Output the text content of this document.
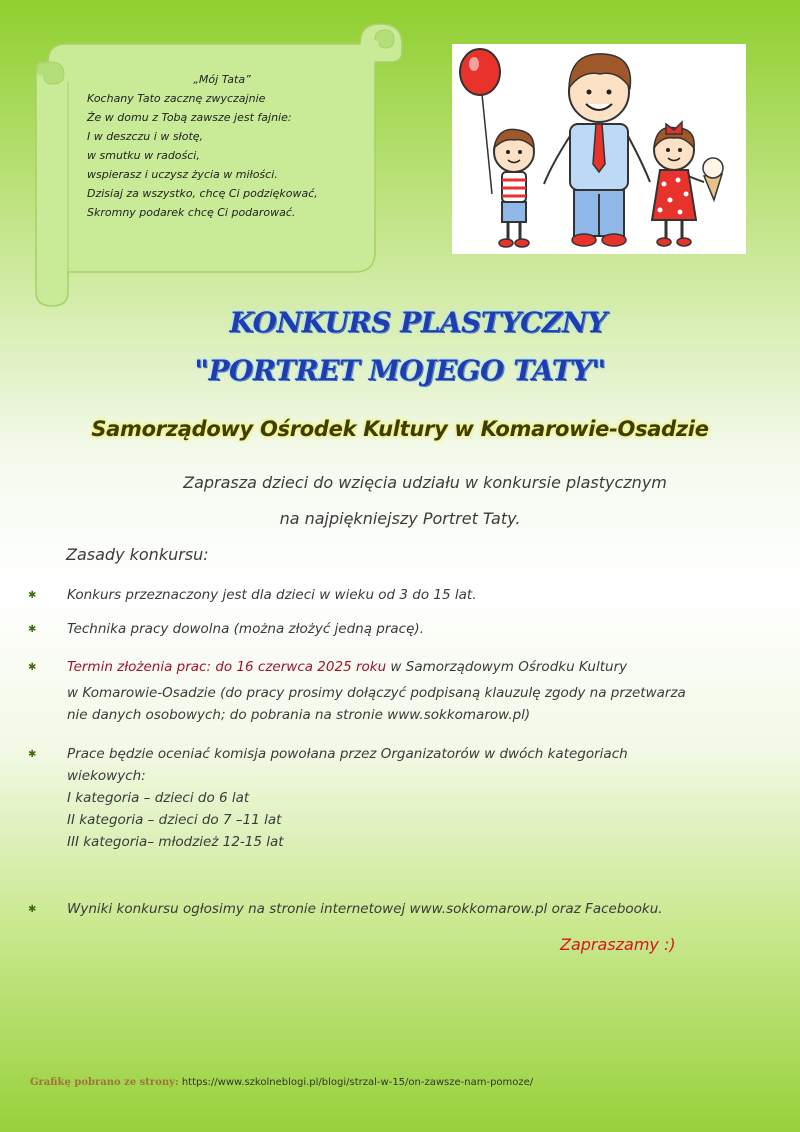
„Mój Tata”
Kochany Tato zacznę zwyczajnie
Że w domu z Tobą zawsze jest fajnie:
I w deszczu i w słotę,
w smutku w radości,
wspierasz i uczysz życia w miłości.
Dzisiaj za wszystko, chcę Ci podziękować,
Skromny podarek chcę Ci podarować.
KONKURS PLASTYCZNY
"PORTRET MOJEGO TATY"
Samorządowy Ośrodek Kultury w Komarowie-Osadzie
Zaprasza dzieci do wzięcia udziału w konkursie plastycznym
na najpiękniejszy Portret Taty.
Zasady konkursu:
✱ Konkurs przeznaczony jest dla dzieci w wieku od 3 do 15 lat.
✱ Technika pracy dowolna (można złożyć jedną pracę).
✱ Termin złożenia prac: do 16 czerwca 2025 roku w Samorządowym Ośrodku Kultury
w Komarowie-Osadzie (do pracy prosimy dołączyć podpisaną klauzulę zgody na przetwarza
nie danych osobowych; do pobrania na stronie www.sokkomarow.pl)
✱ Prace będzie oceniać komisja powołana przez Organizatorów w dwóch kategoriach
wiekowych:
I kategoria – dzieci do 6 lat
II kategoria – dzieci do 7 –11 lat
III kategoria– młodzież 12-15 lat
✱ Wyniki konkursu ogłosimy na stronie internetowej www.sokkomarow.pl oraz Facebooku.
Zapraszamy :)
Grafikę pobrano ze strony: https://www.szkolneblogi.pl/blogi/strzal-w-15/on-zawsze-nam-pomoze/
